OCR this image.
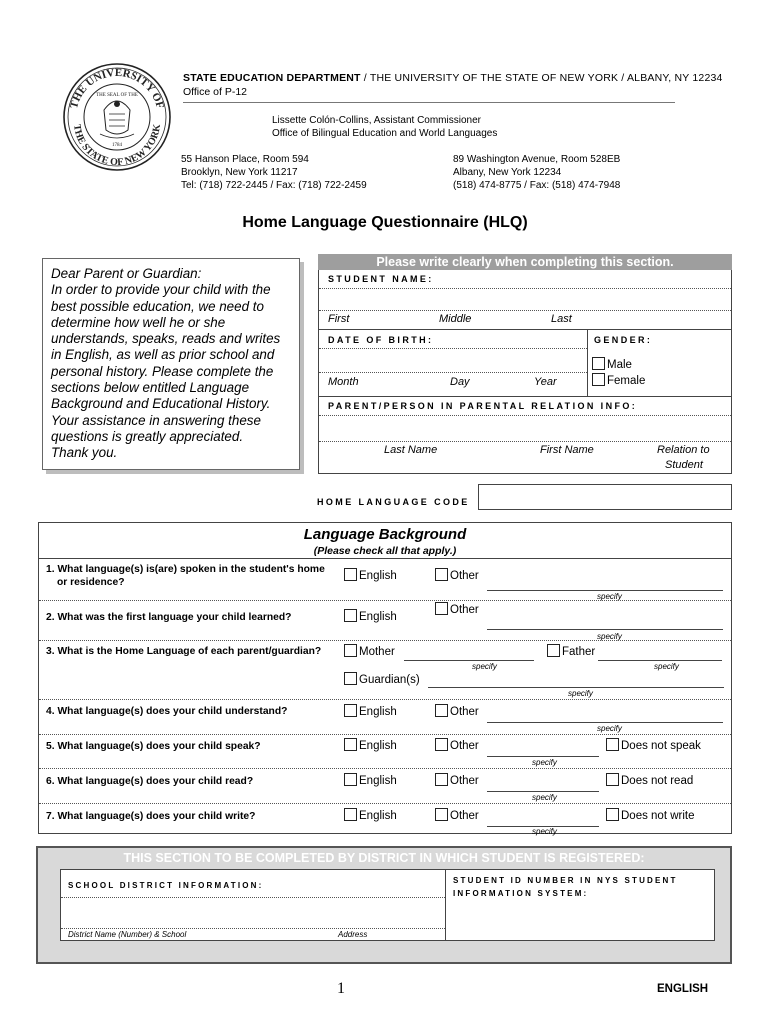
THE UNIVERSITY OF
THE STATE OF NEW YORK
THE SEAL OF THE
1784
STATE EDUCATION DEPARTMENT / THE UNIVERSITY OF THE STATE OF NEW YORK / ALBANY, NY 12234
Office of P-12
Lissette Colón-Collins, Assistant Commissioner
Office of Bilingual Education and World Languages
55 Hanson Place, Room 594
Brooklyn, New York 11217
Tel: (718) 722-2445 / Fax: (718) 722-2459
89 Washington Avenue, Room 528EB
Albany, New York 12234
(518) 474-8775 / Fax: (518) 474-7948
Home Language Questionnaire (HLQ)
Dear Parent or Guardian:
In order to provide your child with the
best possible education, we need to
determine how well he or she
understands, speaks, reads and writes
in English, as well as prior school and
personal history. Please complete the
sections below entitled Language
Background and Educational History.
Your assistance in answering these
questions is greatly appreciated.
Thank you.
Please write clearly when completing this section.
STUDENT NAME:
First	Middle	Last
DATE OF BIRTH:	GENDER:
Male
Female
Month	Day	Year
PARENT/PERSON IN PARENTAL RELATION INFO:
Last Name	First Name	Relation to
Student
HOME LANGUAGE CODE
Language Background
(Please check all that apply.)
1. What language(s) is(are) spoken in the student's home
or residence?
English	Other
specify
2. What was the first language your child learned?	English
Other
specify
3. What is the Home Language of each parent/guardian?	Mother
specify
Father
specify
Guardian(s)
specify
4. What language(s) does your child understand?	English	Other
specify
5. What language(s) does your child speak?	English	Other
specify
Does not speak
6. What language(s) does your child read?	English	Other
specify
Does not read
7. What language(s) does your child write?	English	Other
specify
Does not write
THIS SECTION TO BE COMPLETED BY DISTRICT IN WHICH STUDENT IS REGISTERED:
SCHOOL DISTRICT INFORMATION:
STUDENT ID NUMBER IN NYS STUDENT
INFORMATION SYSTEM:
District Name (Number) & School	Address
1	ENGLISH
